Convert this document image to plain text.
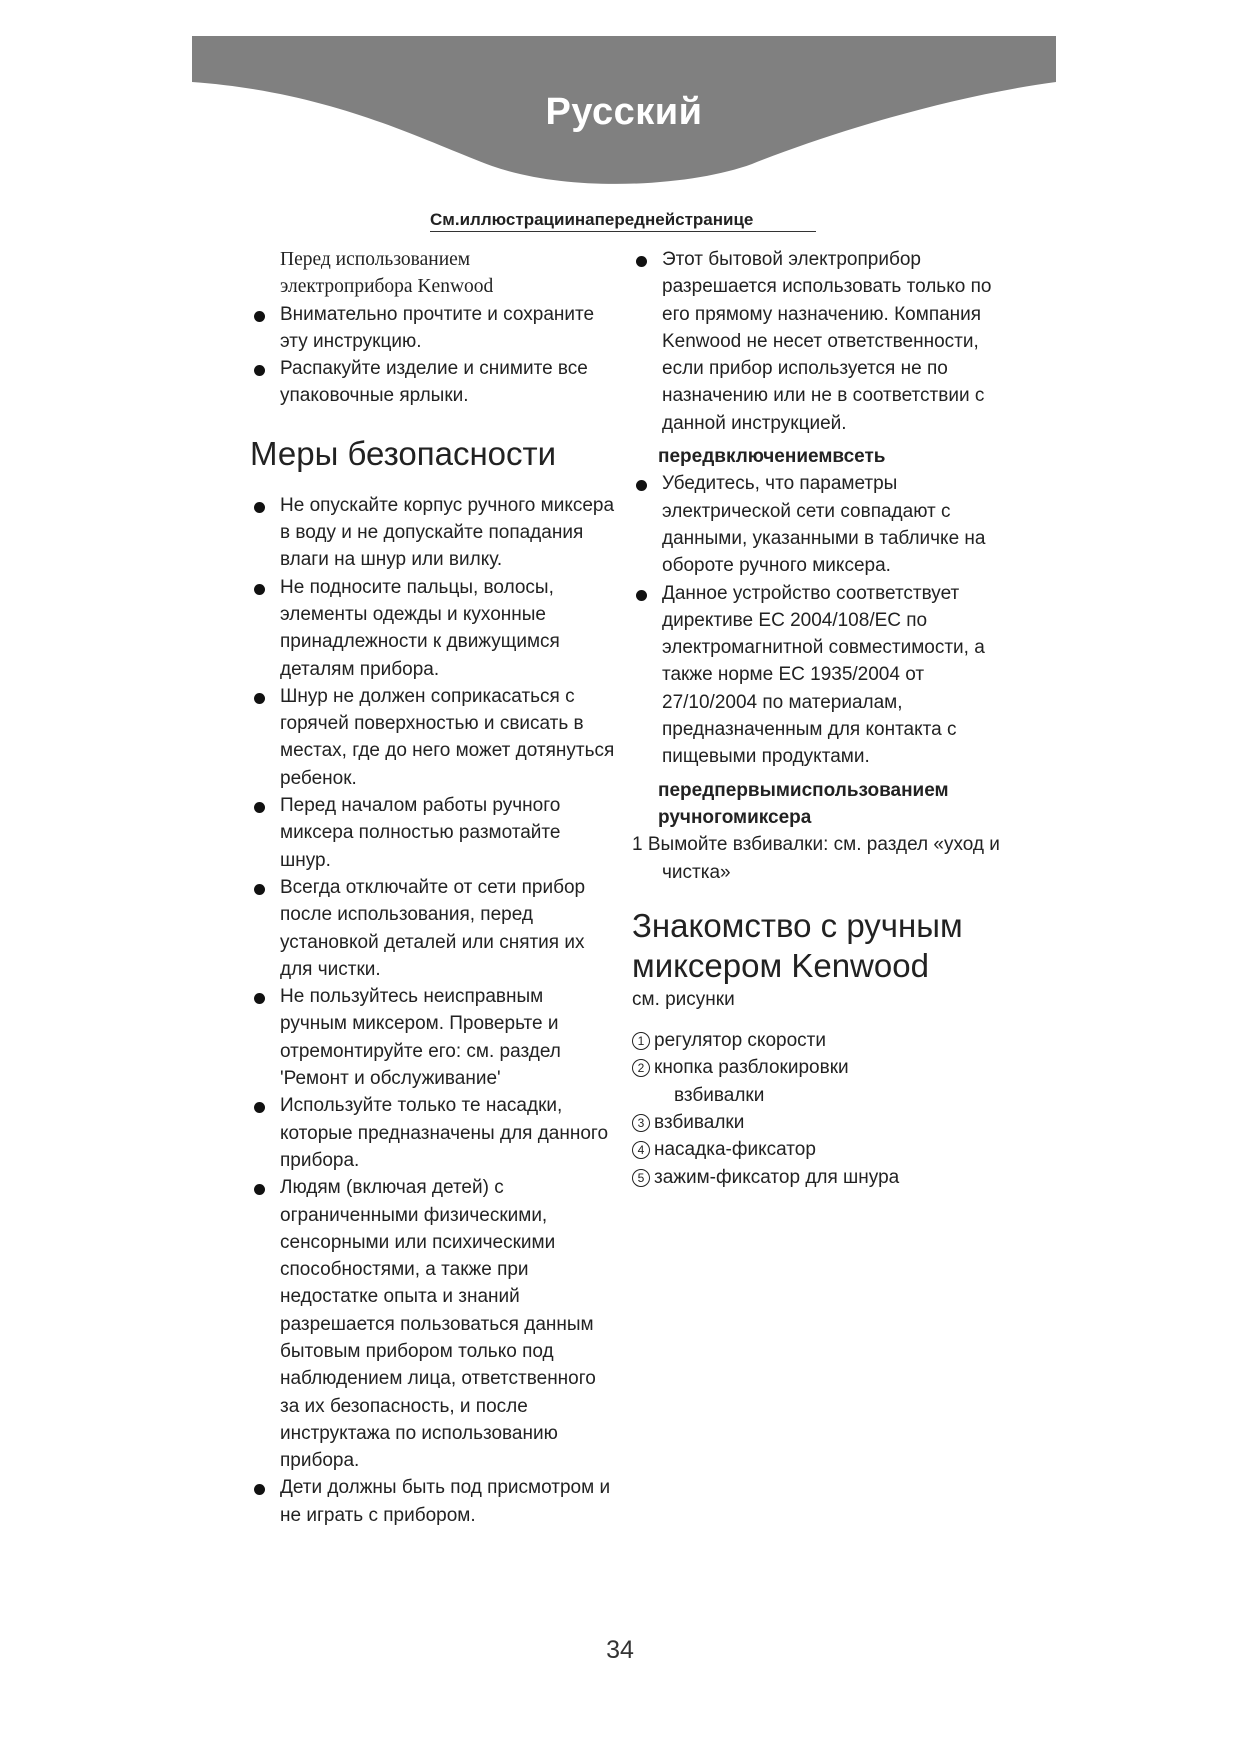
Русский
См.иллюстрациинапереднейстранице
Перед использованием
электроприбора Kenwood
Внимательно прочтите и сохраните эту инструкцию.
Распакуйте изделие и снимите все упаковочные ярлыки.
Меры безопасности
Не опускайте корпус ручного миксера в воду и не допускайте попадания влаги на шнур или вилку.
Не подносите пальцы, волосы, элементы одежды и кухонные принадлежности к движущимся деталям прибора.
Шнур не должен соприкасаться с горячей поверхностью и свисать в местах, где до него может дотянуться ребенок.
Перед началом работы ручного миксера полностью размотайте шнур.
Всегда отключайте от сети прибор после использования, перед установкой деталей или снятия их для чистки.
Не пользуйтесь неисправным ручным миксером. Проверьте и отремонтируйте его: см. раздел 'Ремонт и обслуживание'
Используйте только те насадки, которые предназначены для данного прибора.
Людям (включая детей) с ограниченными физическими, сенсорными или психическими способностями, а также при недостатке опыта и знаний разрешается пользоваться данным бытовым прибором только под наблюдением лица, ответственного за их безопасность, и после инструктажа по использованию прибора.
Дети должны быть под присмотром и не играть с прибором.
Этот бытовой электроприбор разрешается использовать только по его прямому назначению. Компания Kenwood не несет ответственности, если прибор используется не по назначению или не в соответствии с данной инструкцией.
передвключениемвсеть
Убедитесь, что параметры электрической сети совпадают с данными, указанными в табличке на обороте ручного миксера.
Данное устройство соответствует директиве ЕС 2004/108/EC по электромагнитной совместимости, а также норме ЕС 1935/2004 от 27/10/2004 по материалам, предназначенным для контакта с пищевыми продуктами.
передпервымиспользованием
ручногомиксера
1 Вымойте взбивалки: см. раздел «уход и чистка»
Знакомство с ручным
миксером Kenwood
см. рисунки
1 регулятор скорости
2 кнопка разблокировки
взбивалки
3 взбивалки
4 насадка-фиксатор
5 зажим-фиксатор для шнура
34
